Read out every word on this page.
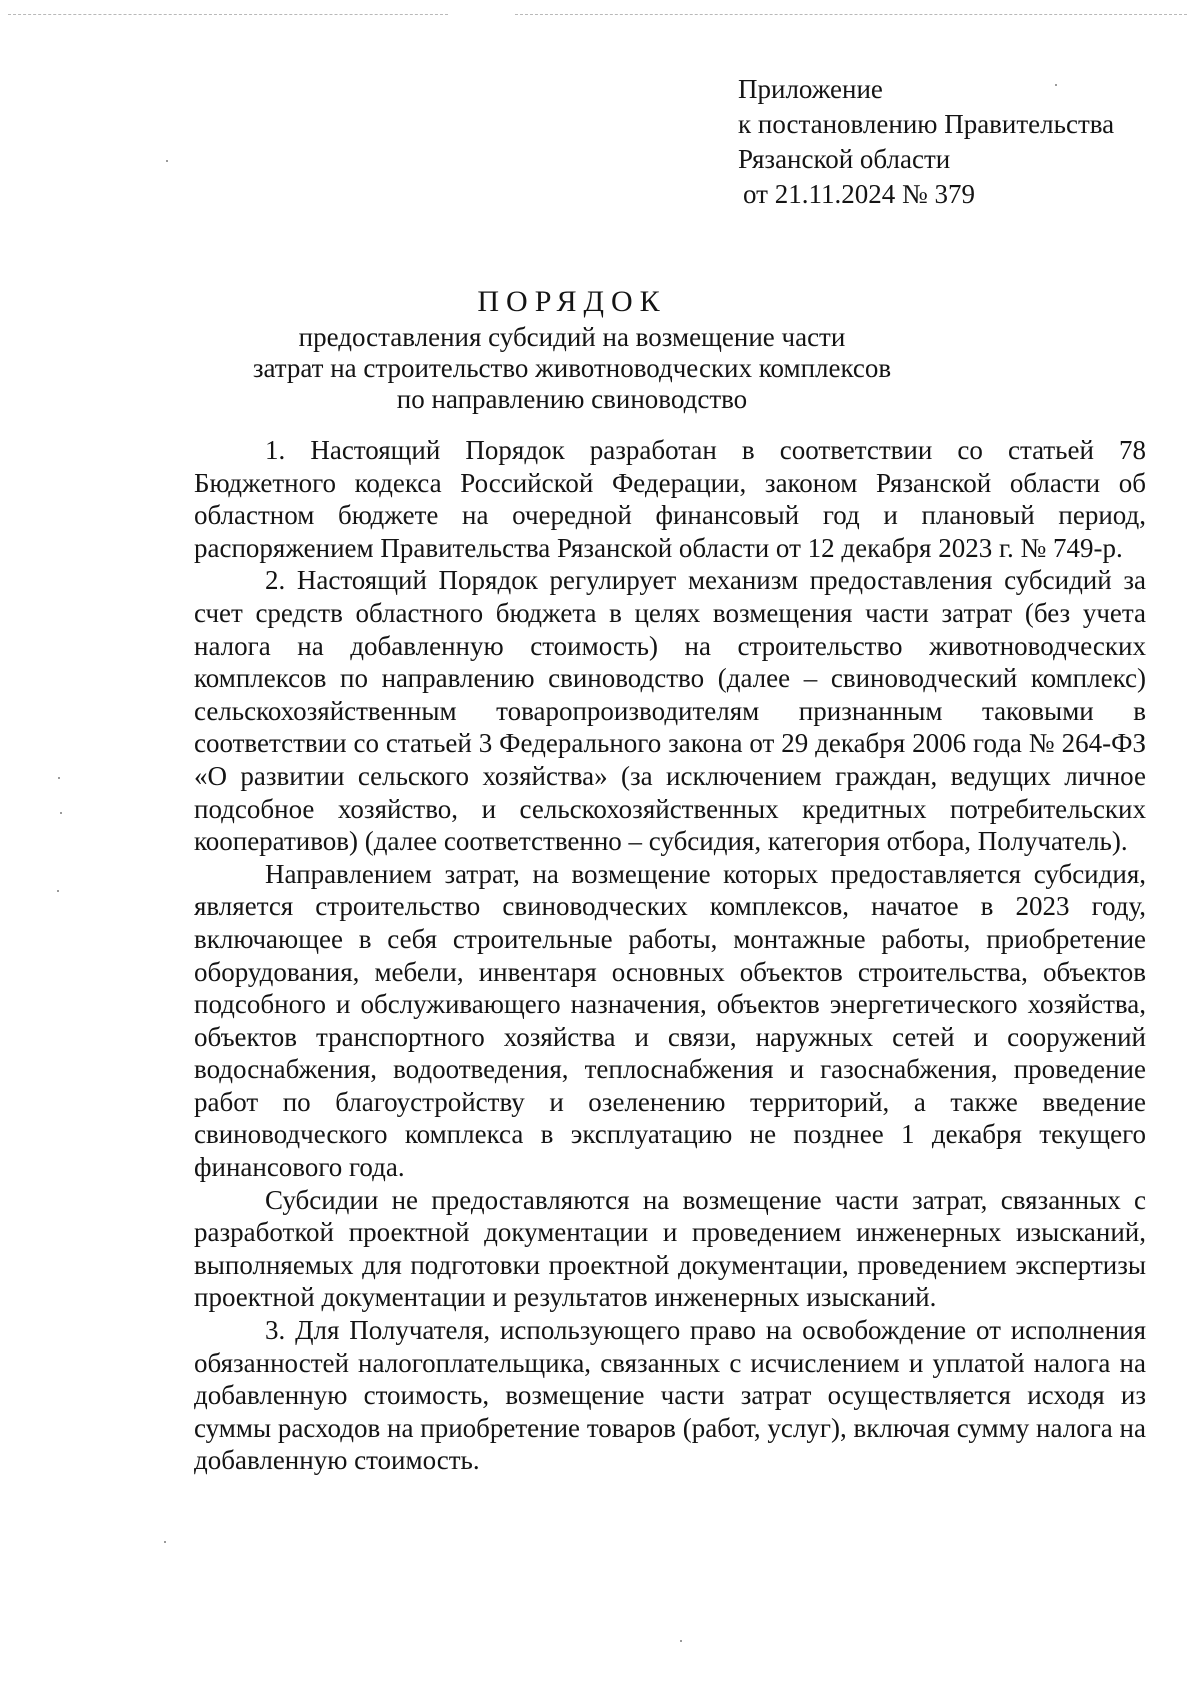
Приложение
к постановлению Правительства
Рязанской области
от 21.11.2024 № 379
ПОРЯДОК
предоставления субсидий на возмещение части
затрат на строительство животноводческих комплексов
по направлению свиноводство

1. Настоящий Порядок разработан в соответствии со статьей 78 Бюджетного кодекса Российской Федерации, законом Рязанской области об областном бюджете на очередной финансовый год и плановый период, распоряжением Правительства Рязанской области от 12 декабря 2023 г. № 749-р.

2. Настоящий Порядок регулирует механизм предоставления субсидий за счет средств областного бюджета в целях возмещения части затрат (без учета налога на добавленную стоимость) на строительство животноводческих комплексов по направлению свиноводство (далее – свиноводческий комплекс) сельскохозяйственным товаропроизводителям признанным таковыми в соответствии со статьей 3 Федерального закона от 29 декабря 2006 года № 264-ФЗ «О развитии сельского хозяйства» (за исключением граждан, ведущих личное подсобное хозяйство, и сельскохозяйственных кредитных потребительских кооперативов) (далее соответственно – субсидия, категория отбора, Получатель).

Направлением затрат, на возмещение которых предоставляется субсидия, является строительство свиноводческих комплексов, начатое в 2023 году, включающее в себя строительные работы, монтажные работы, приобретение оборудования, мебели, инвентаря основных объектов строительства, объектов подсобного и обслуживающего назначения, объектов энергетического хозяйства, объектов транспортного хозяйства и связи, наружных сетей и сооружений водоснабжения, водоотведения, теплоснабжения и газоснабжения, проведение работ по благоустройству и озеленению территорий, а также введение свиноводческого комплекса в эксплуатацию не позднее 1 декабря текущего финансового года.

Субсидии не предоставляются на возмещение части затрат, связанных с разработкой проектной документации и проведением инженерных изысканий, выполняемых для подготовки проектной документации, проведением экспертизы проектной документации и результатов инженерных изысканий.

3. Для Получателя, использующего право на освобождение от исполнения обязанностей налогоплательщика, связанных с исчислением и уплатой налога на добавленную стоимость, возмещение части затрат осуществляется исходя из суммы расходов на приобретение товаров (работ, услуг), включая сумму налога на добавленную стоимость.
